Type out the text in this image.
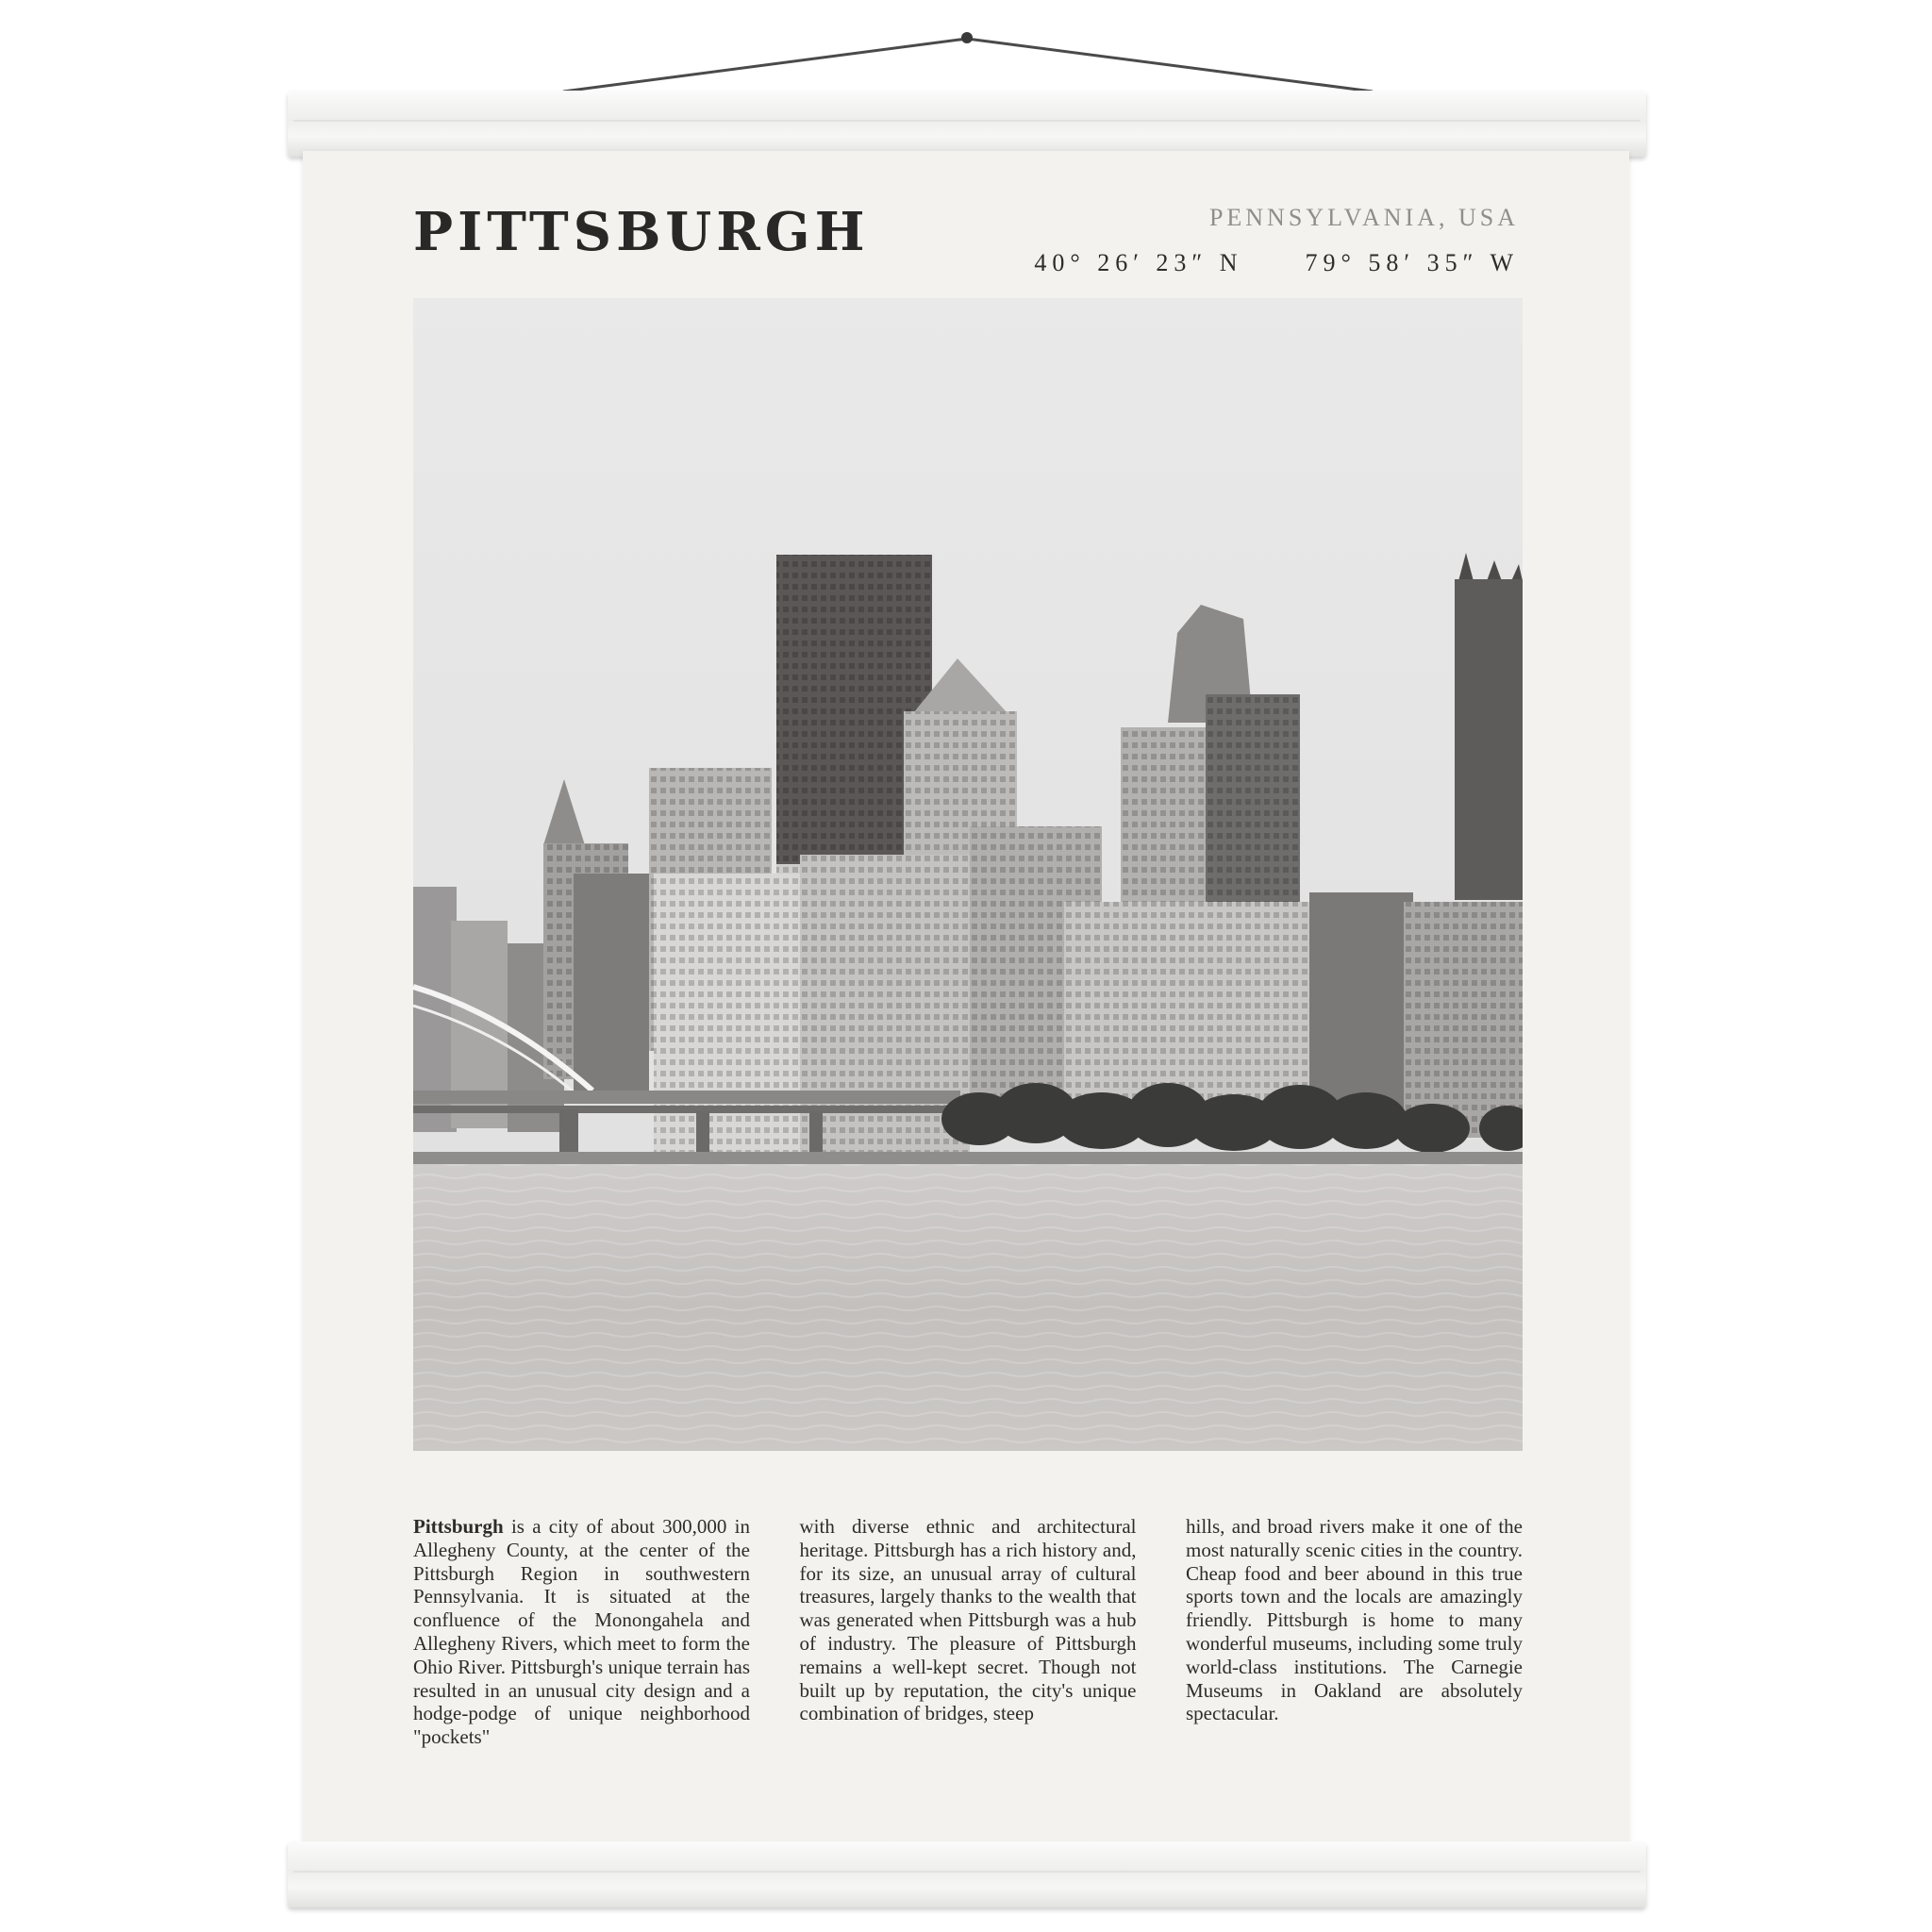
PITTSBURGH	PENNSYLVANIA, USA
40° 26′ 23″ N	79° 58′ 35″ W
Pittsburgh is a city of about 300,000 in Allegheny County, at the center of the Pittsburgh Region in southwestern Pennsylvania. It is situated at the confluence of the Monongahela and Allegheny Rivers, which meet to form the Ohio River. Pittsburgh's unique terrain has resulted in an unusual city design and a hodge-podge of unique neighborhood "pockets"
with diverse ethnic and architectural heritage. Pittsburgh has a rich history and, for its size, an unusual array of cultural treasures, largely thanks to the wealth that was generated when Pittsburgh was a hub of industry. The pleasure of Pittsburgh remains a well-kept secret. Though not built up by reputation, the city's unique combination of bridges, steep
hills, and broad rivers make it one of the most naturally scenic cities in the country. Cheap food and beer abound in this true sports town and the locals are amazingly friendly. Pittsburgh is home to many wonderful museums, including some truly world-class institutions. The Carnegie Museums in Oakland are absolutely spectacular.
